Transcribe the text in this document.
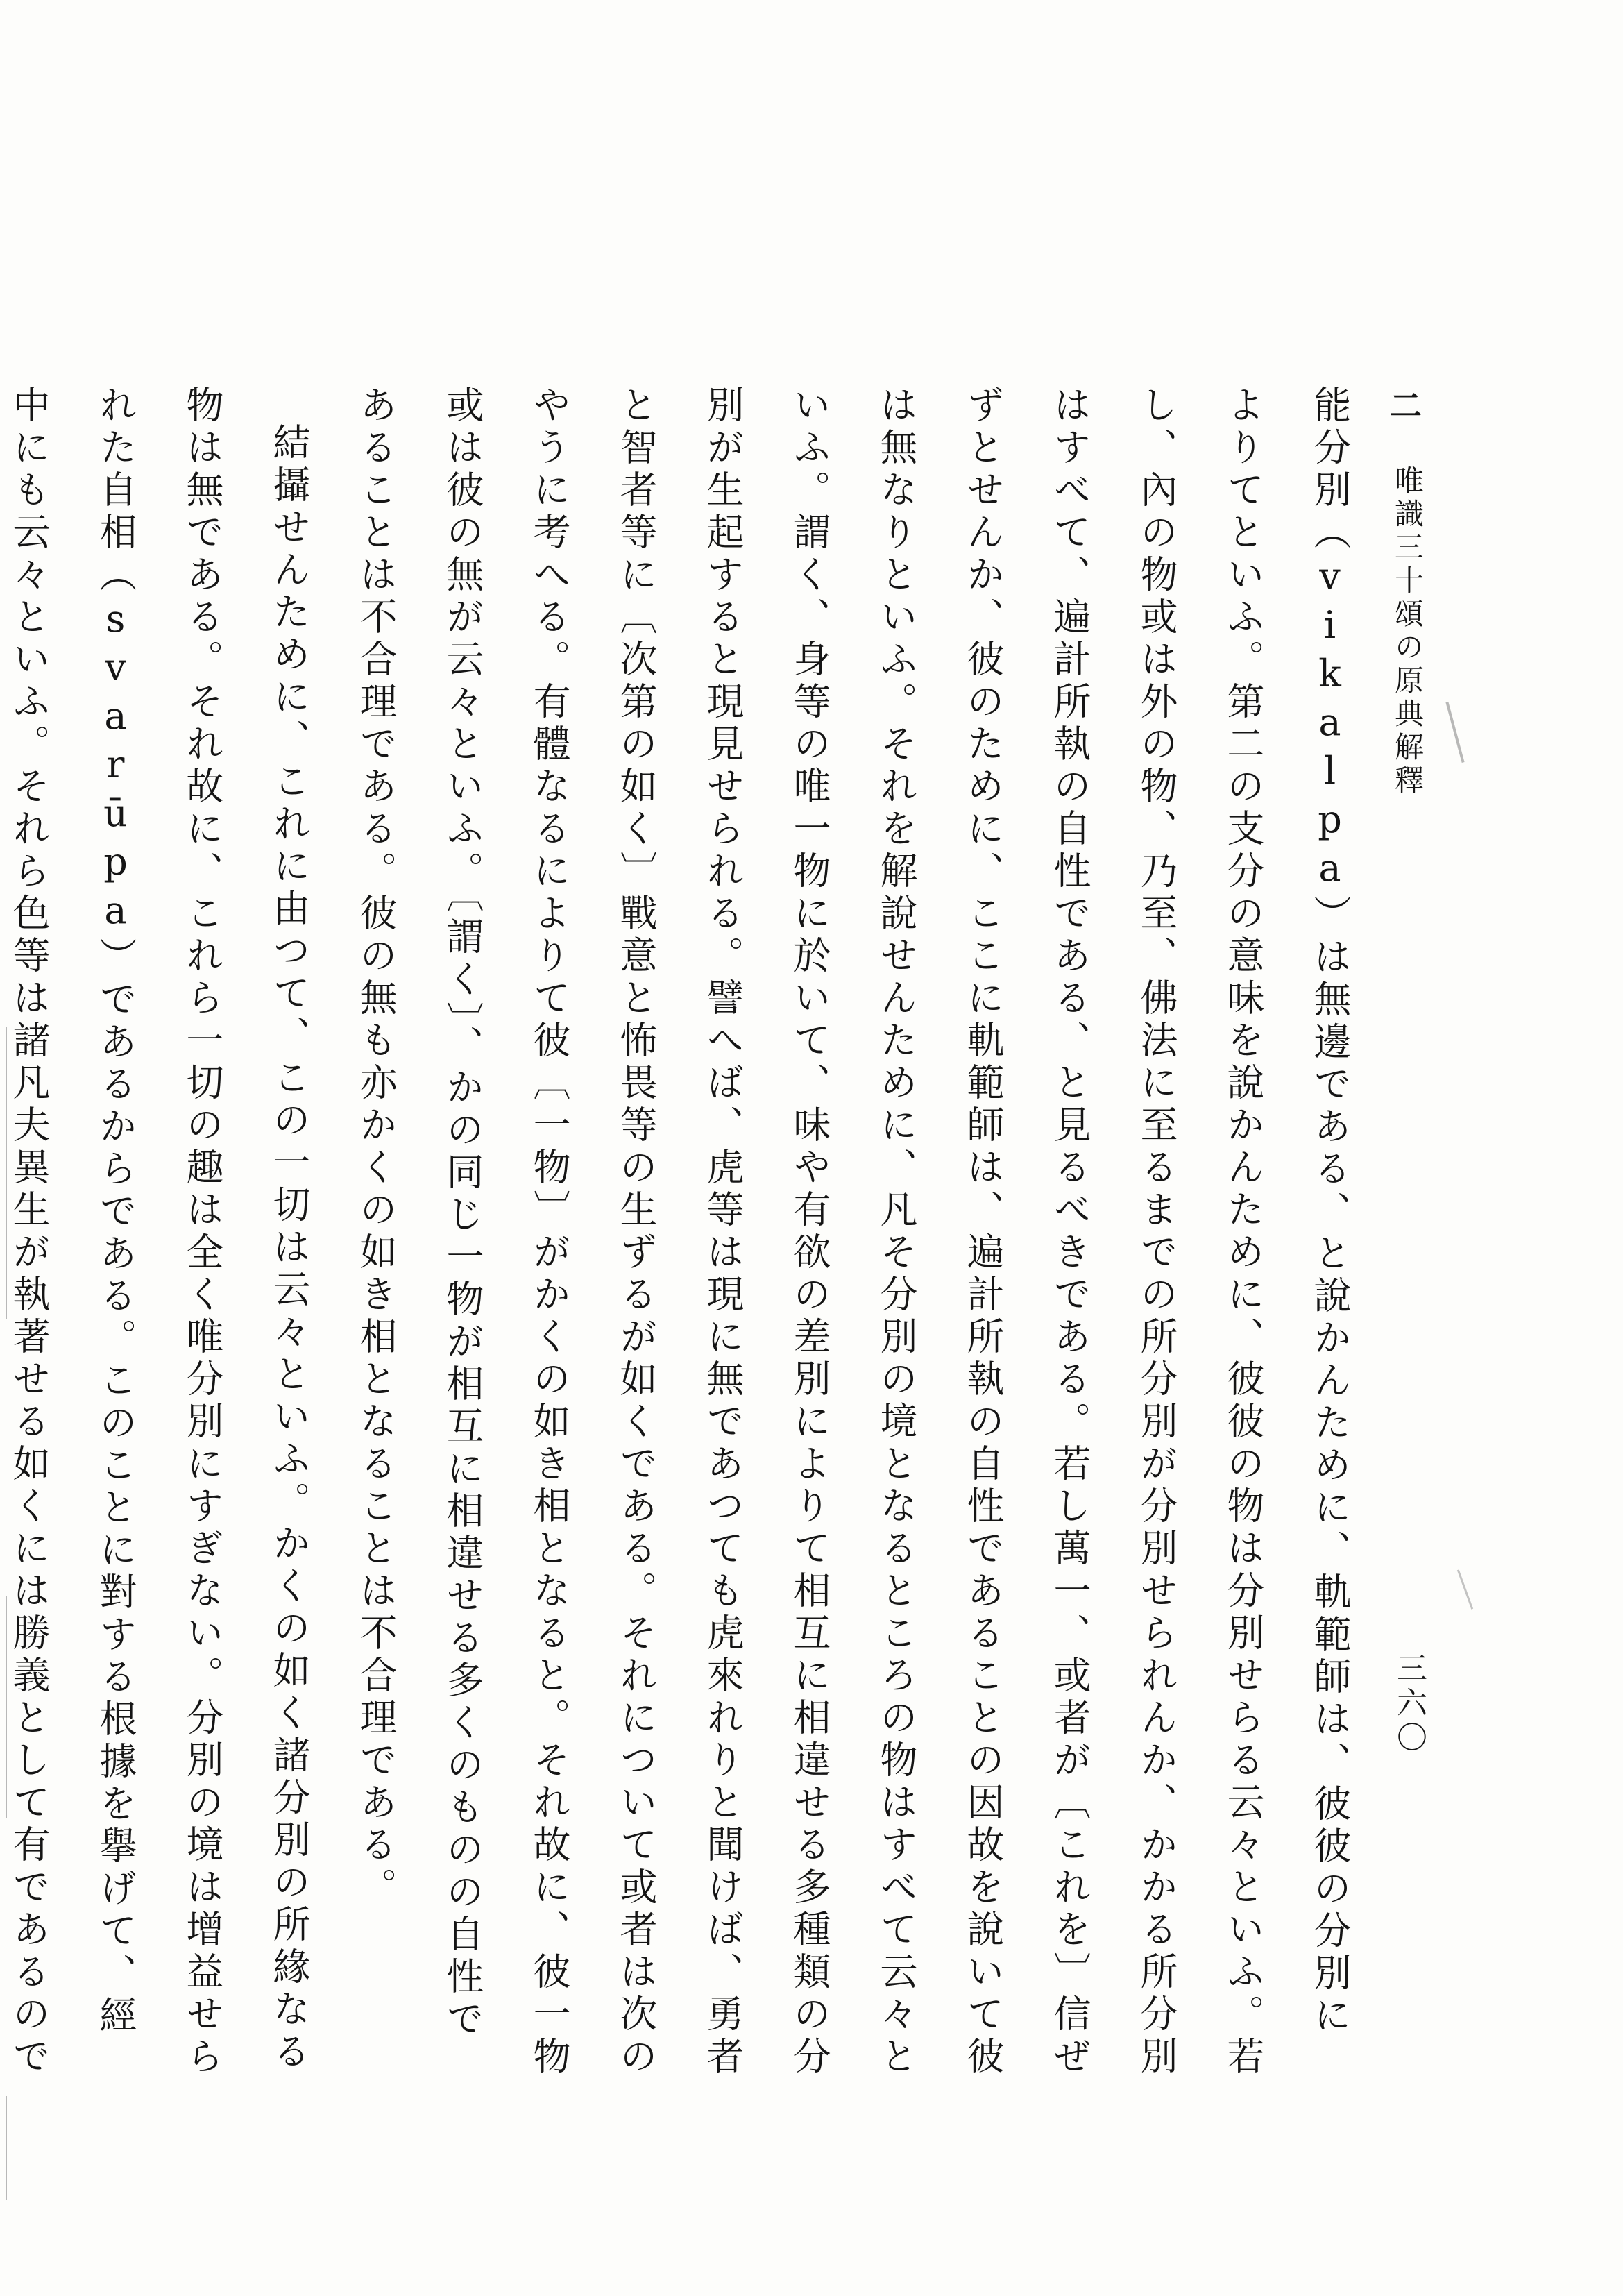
二
唯識三十頌の原典解釋
三六〇

能分別（vikalpa）は無邊である、と說かんために、軌範師は、彼彼の分別によりてといふ。第二の支分の意味を說かんために、彼彼の物は分別せらる云々といふ。若し、內の物或は外の物、乃至、佛法に至るまでの所分別が分別せられんか、かかる所分別はすべて、遍計所執の自性である、と見るべきである。若し萬一、或者が〔これを〕信ぜずとせんか、彼のために、ここに軌範師は、遍計所執の自性であることの因故を說いて彼は無なりといふ。それを解說せんために、凡そ分別の境となるところの物はすべて云々といふ。謂く、身等の唯一物に於いて、味や有欲の差別によりて相互に相違せる多種類の分別が生起すると現見せられる。譬へば、虎等は現に無であつても虎來れりと聞けば、勇者と智者等に〔次第の如く〕戰意と怖畏等の生ずるが如くである。それについて或者は次のやうに考へる。有體なるによりて彼〔一物〕がかくの如き相となると。それ故に、彼一物或は彼の無が云々といふ。〔謂く〕、かの同じ一物が相互に相違せる多くのものの自性であることは不合理である。彼の無も亦かくの如き相となることは不合理である。

結攝せんために、これに由つて、この一切は云々といふ。かくの如く諸分別の所緣なる物は無である。それ故に、これら一切の趣は全く唯分別にすぎない。分別の境は增益せられた自相（svarūpa）であるからである。このことに對する根據を擧げて、經中にも云々といふ。それら色等は諸凡夫異生が執著せる如くには勝義として有であるので
